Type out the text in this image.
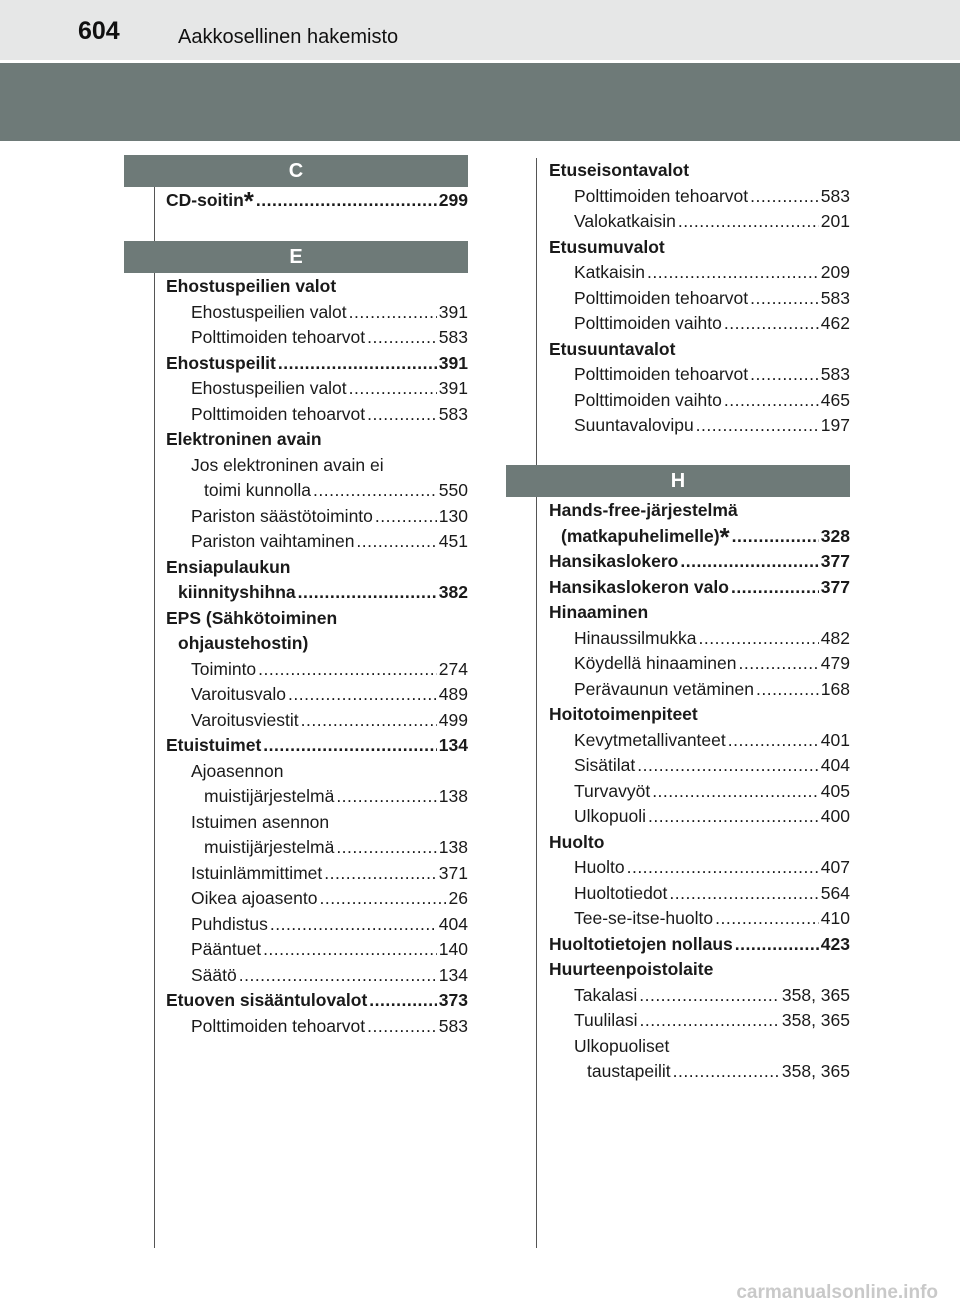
604	Aakkosellinen hakemisto
C
E
H
CD-soitin* .....	299
Ehostuspeilien valot
Ehostuspeilien valot .....	391
Polttimoiden tehoarvot .....	583
Ehostuspeilit .....	391
Ehostuspeilien valot .....	391
Polttimoiden tehoarvot .....	583
Elektroninen avain
Jos elektroninen avain ei
toimi kunnolla .....	550
Pariston säästötoiminto .....	130
Pariston vaihtaminen .....	451
Ensiapulaukun
kiinnityshihna .....	382
EPS (Sähkötoiminen
ohjaustehostin)
Toiminto .....	274
Varoitusvalo .....	489
Varoitusviestit .....	499
Etuistuimet .....	134
Ajoasennon
muistijärjestelmä .....	138
Istuimen asennon
muistijärjestelmä .....	138
Istuinlämmittimet .....	371
Oikea ajoasento .....	26
Puhdistus .....	404
Pääntuet .....	140
Säätö .....	134
Etuoven sisääntulovalot .....	373
Polttimoiden tehoarvot .....	583
Etuseisontavalot
Polttimoiden tehoarvot .....	583
Valokatkaisin .....	201
Etusumuvalot
Katkaisin .....	209
Polttimoiden tehoarvot .....	583
Polttimoiden vaihto .....	462
Etusuuntavalot
Polttimoiden tehoarvot .....	583
Polttimoiden vaihto .....	465
Suuntavalovipu .....	197
Hands-free-järjestelmä
(matkapuhelimelle)* .....	328
Hansikaslokero .....	377
Hansikaslokeron valo .....	377
Hinaaminen
Hinaussilmukka .....	482
Köydellä hinaaminen .....	479
Perävaunun vetäminen .....	168
Hoitotoimenpiteet
Kevytmetallivanteet .....	401
Sisätilat .....	404
Turvavyöt .....	405
Ulkopuoli .....	400
Huolto
Huolto .....	407
Huoltotiedot .....	564
Tee-se-itse-huolto .....	410
Huoltotietojen nollaus .....	423
Huurteenpoistolaite
Takalasi .....	358, 365
Tuulilasi .....	358, 365
Ulkopuoliset
taustapeilit .....	358, 365
carmanualsonline.info
